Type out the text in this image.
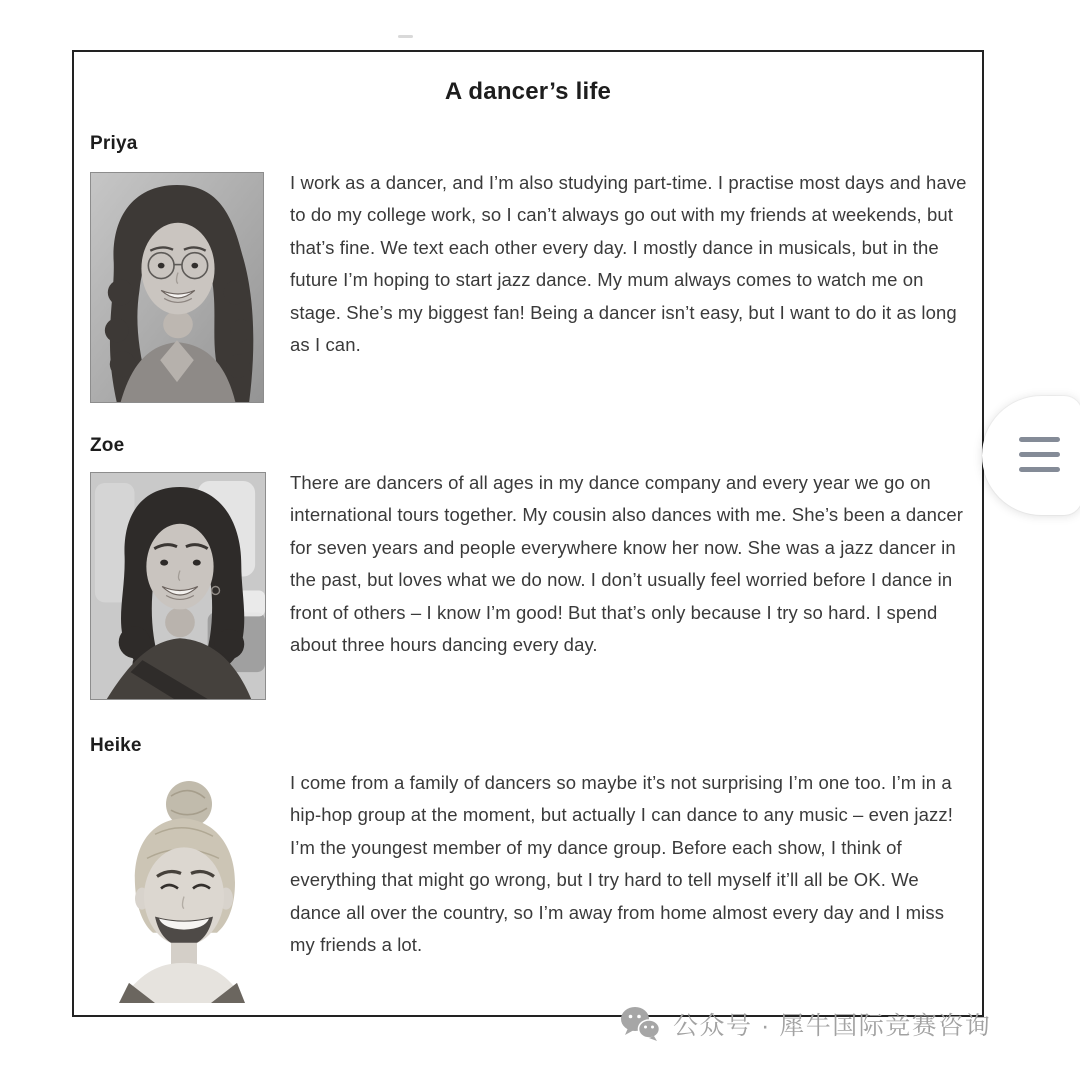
A dancer’s life
Priya

I work as a dancer, and I’m also studying part-time. I practise most days and have to do my college work, so I can’t always go out with my friends at weekends, but that’s fine. We text each other every day. I mostly dance in musicals, but in the future I’m hoping to start jazz dance. My mum always comes to watch me on stage. She’s my biggest fan! Being a dancer isn’t easy, but I want to do it as long as I can.

Zoe

There are dancers of all ages in my dance company and every year we go on international tours together. My cousin also dances with me. She’s been a dancer for seven years and people everywhere know her now. She was a jazz dancer in the past, but loves what we do now. I don’t usually feel worried before I dance in front of others – I know I’m good! But that’s only because I try so hard. I spend about three hours dancing every day.

Heike

I come from a family of dancers so maybe it’s not surprising I’m one too. I’m in a hip-hop group at the moment, but actually I can dance to any music – even jazz! I’m the youngest member of my dance group. Before each show, I think of everything that might go wrong, but I try hard to tell myself it’ll all be OK. We dance all over the country, so I’m away from home almost every day and I miss my friends a lot.

公众号 · 犀牛国际竞赛咨询
